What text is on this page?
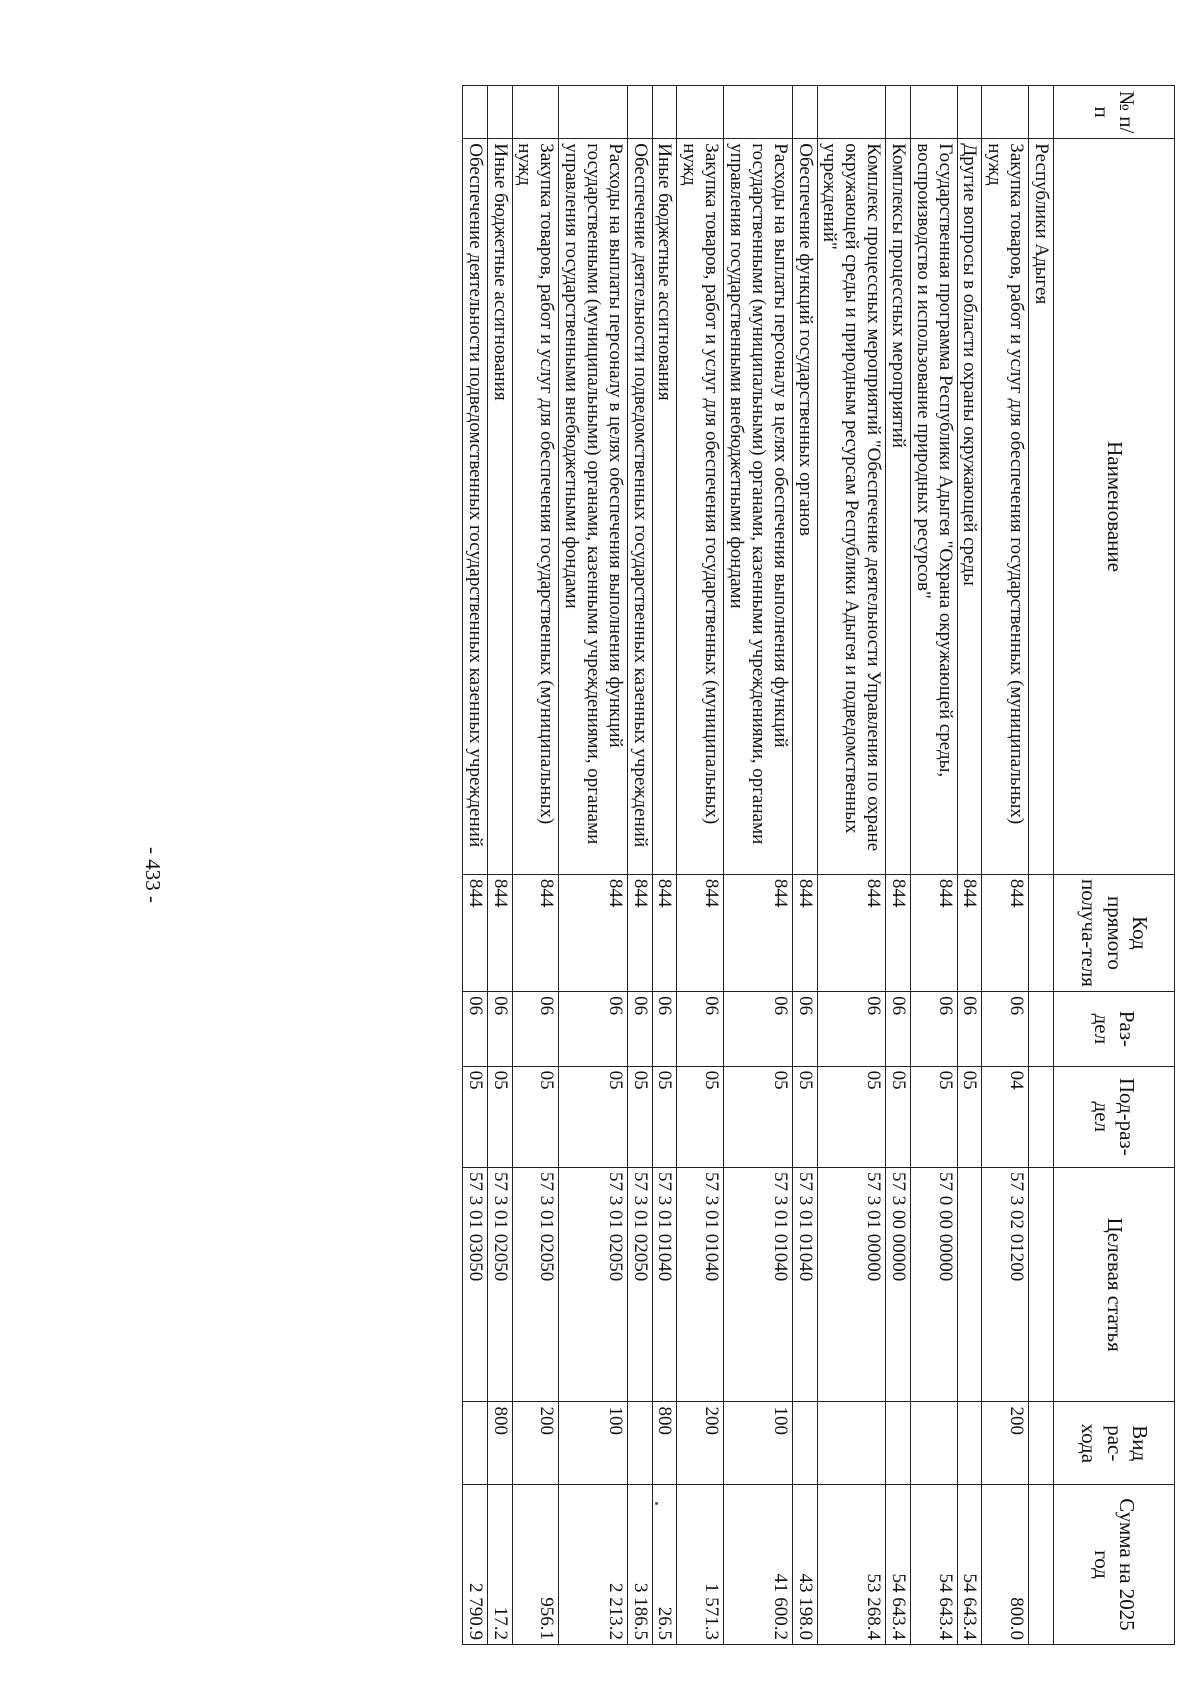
№ п/п	Наименование	Код прямого получа-теля	Раз-дел	Под-раз-дел	Целевая статья	Вид рас-хода	Сумма на 2025 год
	Республики Адыгея						
	Закупка товаров, работ и услуг для обеспечения государственных (муниципальных) нужд	844	06	04	57 3 02 01200	200	800.0
	Другие вопросы в области охраны окружающей среды	844	06	05			54 643.4
	Государственная программа Республики Адыгея "Охрана окружающей среды, воспроизводство и использование природных ресурсов"	844	06	05	57 0 00 00000		54 643.4
	Комплексы процессных мероприятий	844	06	05	57 3 00 00000		54 643.4
	Комплекс процессных мероприятий "Обеспечение деятельности Управления по охране окружающей среды и природным ресурсам Республики Адыгея и подведомственных учреждений"	844	06	05	57 3 01 00000		53 268.4
	Обеспечение функций государственных органов	844	06	05	57 3 01 01040		43 198.0
	Расходы на выплаты персоналу в целях обеспечения выполнения функций государственными (муниципальными) органами, казенными учреждениями, органами управления государственными внебюджетными фондами	844	06	05	57 3 01 01040	100	41 600.2
	Закупка товаров, работ и услуг для обеспечения государственных (муниципальных) нужд	844	06	05	57 3 01 01040	200	1 571.3
	Иные бюджетные ассигнования	844	06	05	57 3 01 01040	800	26.5
	Обеспечение деятельности подведомственных государственных казенных учреждений	844	06	05	57 3 01 02050		3 186.5
	Расходы на выплаты персоналу в целях обеспечения выполнения функций государственными (муниципальными) органами, казенными учреждениями, органами управления государственными внебюджетными фондами	844	06	05	57 3 01 02050	100	2 213.2
	Закупка товаров, работ и услуг для обеспечения государственных (муниципальных) нужд	844	06	05	57 3 01 02050	200	956.1
	Иные бюджетные ассигнования	844	06	05	57 3 01 02050	800	17.2
	Обеспечение деятельности подведомственных государственных казенных учреждений	844	06	05	57 3 01 03050		2 790.9
- 433 -
